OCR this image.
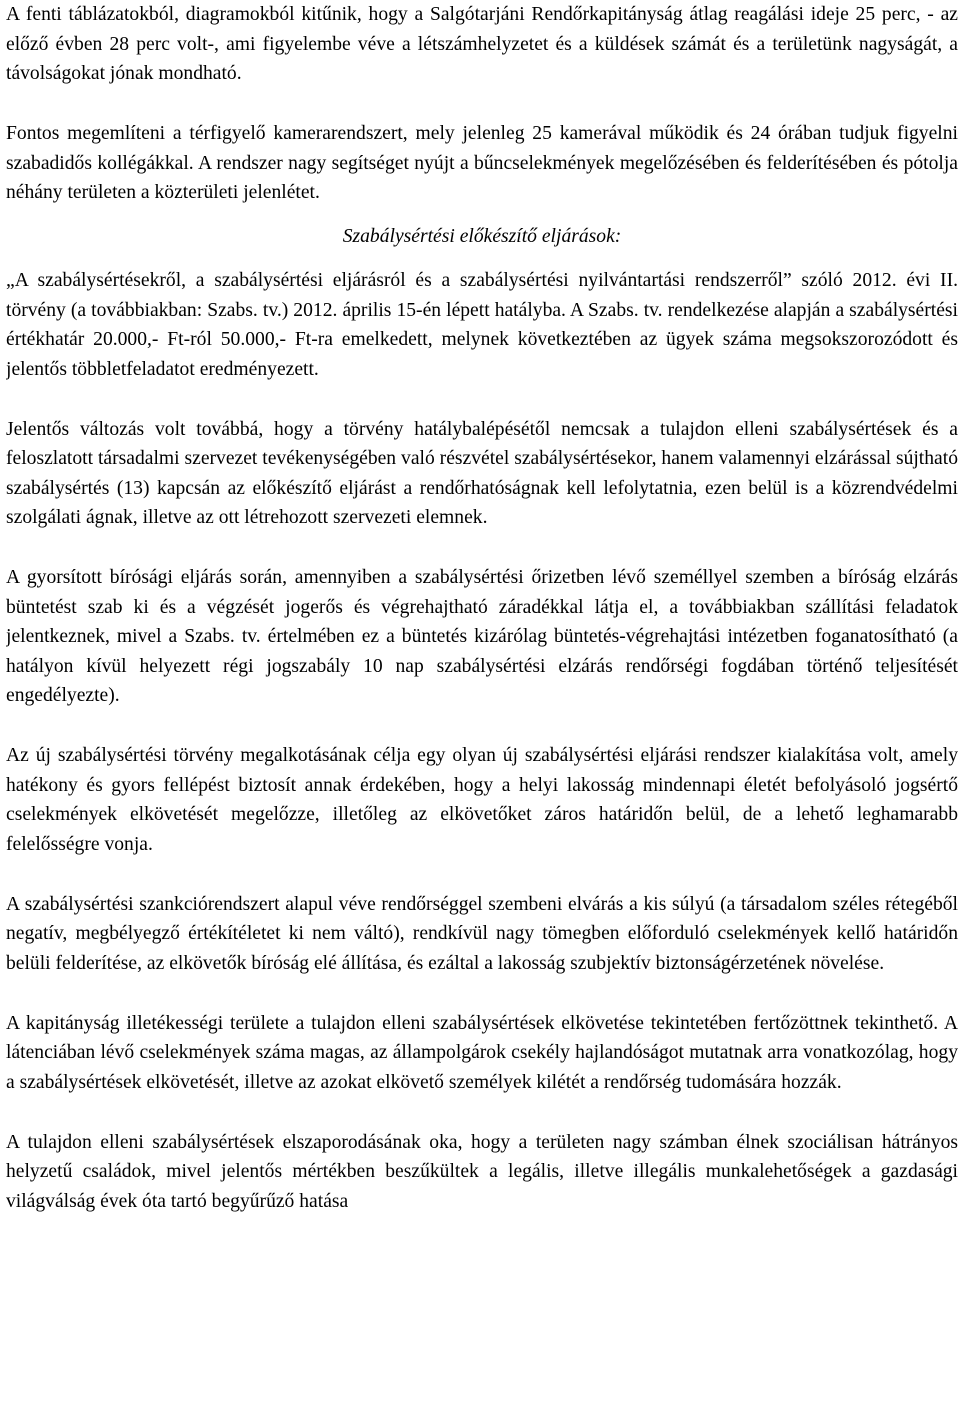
A fenti táblázatokból, diagramokból kitűnik, hogy a Salgótarjáni Rendőrkapitányság átlag reagálási ideje 25 perc, - az előző évben 28 perc volt-, ami figyelembe véve a létszámhelyzetet és a küldések számát és a területünk nagyságát, a távolságokat jónak mondható.

Fontos megemlíteni a térfigyelő kamerarendszert, mely jelenleg 25 kamerával működik és 24 órában tudjuk figyelni szabadidős kollégákkal. A rendszer nagy segítséget nyújt a bűncselekmények megelőzésében és felderítésében és pótolja néhány területen a közterületi jelenlétet.

Szabálysértési előkészítő eljárások:

„A szabálysértésekről, a szabálysértési eljárásról és a szabálysértési nyilvántartási rendszerről” szóló 2012. évi II. törvény (a továbbiakban: Szabs. tv.) 2012. április 15-én lépett hatályba. A Szabs. tv. rendelkezése alapján a szabálysértési értékhatár 20.000,- Ft-ról 50.000,- Ft-ra emelkedett, melynek következtében az ügyek száma megsokszorozódott és jelentős többletfeladatot eredményezett.

Jelentős változás volt továbbá, hogy a törvény hatálybalépésétől nemcsak a tulajdon elleni szabálysértések és a feloszlatott társadalmi szervezet tevékenységében való részvétel szabálysértésekor, hanem valamennyi elzárással sújtható szabálysértés (13) kapcsán az előkészítő eljárást a rendőrhatóságnak kell lefolytatnia, ezen belül is a közrendvédelmi szolgálati ágnak, illetve az ott létrehozott szervezeti elemnek.

A gyorsított bírósági eljárás során, amennyiben a szabálysértési őrizetben lévő személlyel szemben a bíróság elzárás büntetést szab ki és a végzését jogerős és végrehajtható záradékkal látja el, a továbbiakban szállítási feladatok jelentkeznek, mivel a Szabs. tv. értelmében ez a büntetés kizárólag büntetés-végrehajtási intézetben foganatosítható (a hatályon kívül helyezett régi jogszabály 10 nap szabálysértési elzárás rendőrségi fogdában történő teljesítését engedélyezte).

Az új szabálysértési törvény megalkotásának célja egy olyan új szabálysértési eljárási rendszer kialakítása volt, amely hatékony és gyors fellépést biztosít annak érdekében, hogy a helyi lakosság mindennapi életét befolyásoló jogsértő cselekmények elkövetését megelőzze, illetőleg az elkövetőket záros határidőn belül, de a lehető leghamarabb felelősségre vonja.

A szabálysértési szankciórendszert alapul véve rendőrséggel szembeni elvárás a kis súlyú (a társadalom széles rétegéből negatív, megbélyegző értékítéletet ki nem váltó), rendkívül nagy tömegben előforduló cselekmények kellő határidőn belüli felderítése, az elkövetők bíróság elé állítása, és ezáltal a lakosság szubjektív biztonságérzetének növelése.

A kapitányság illetékességi területe a tulajdon elleni szabálysértések elkövetése tekintetében fertőzöttnek tekinthető. A látenciában lévő cselekmények száma magas, az állampolgárok csekély hajlandóságot mutatnak arra vonatkozólag, hogy a szabálysértések elkövetését, illetve az azokat elkövető személyek kilétét a rendőrség tudomására hozzák.

A tulajdon elleni szabálysértések elszaporodásának oka, hogy a területen nagy számban élnek szociálisan hátrányos helyzetű családok, mivel jelentős mértékben beszűkültek a legális, illetve illegális munkalehetőségek a gazdasági világválság évek óta tartó begyűrűző hatása
